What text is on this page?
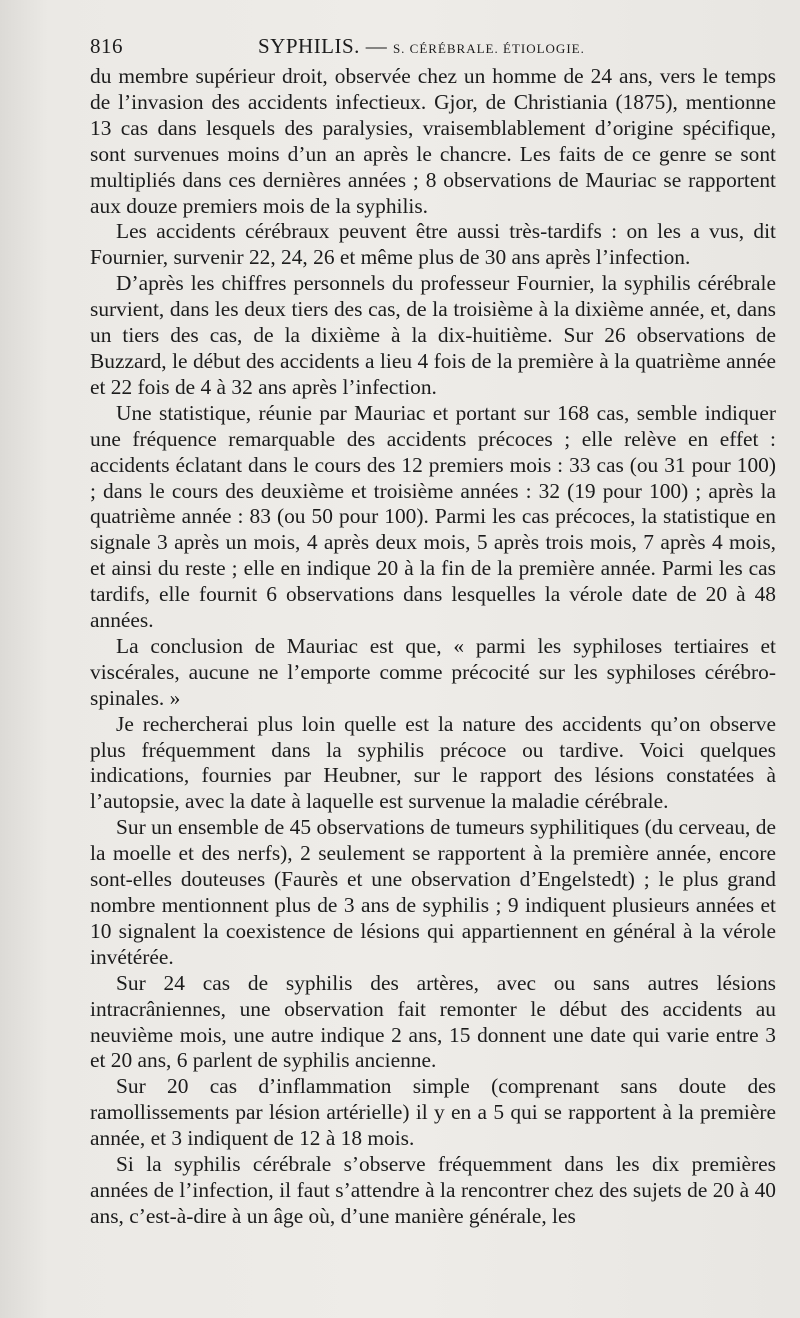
816	SYPHILIS. — S. CÉRÉBRALE. ÉTIOLOGIE.

du membre supérieur droit, observée chez un homme de 24 ans, vers le temps de l’invasion des accidents infectieux. Gjor, de Christiania (1875), mentionne 13 cas dans lesquels des paralysies, vraisemblablement d’origine spécifique, sont survenues moins d’un an après le chancre. Les faits de ce genre se sont multipliés dans ces dernières années ; 8 observations de Mauriac se rapportent aux douze premiers mois de la syphilis.

Les accidents cérébraux peuvent être aussi très-tardifs : on les a vus, dit Fournier, survenir 22, 24, 26 et même plus de 30 ans après l’infection.

D’après les chiffres personnels du professeur Fournier, la syphilis cérébrale survient, dans les deux tiers des cas, de la troisième à la dixième année, et, dans un tiers des cas, de la dixième à la dix-huitième. Sur 26 observations de Buzzard, le début des accidents a lieu 4 fois de la première à la quatrième année et 22 fois de 4 à 32 ans après l’infection.

Une statistique, réunie par Mauriac et portant sur 168 cas, semble indiquer une fréquence remarquable des accidents précoces ; elle relève en effet : accidents éclatant dans le cours des 12 premiers mois : 33 cas (ou 31 pour 100) ; dans le cours des deuxième et troisième années : 32 (19 pour 100) ; après la quatrième année : 83 (ou 50 pour 100). Parmi les cas précoces, la statistique en signale 3 après un mois, 4 après deux mois, 5 après trois mois, 7 après 4 mois, et ainsi du reste ; elle en indique 20 à la fin de la première année. Parmi les cas tardifs, elle fournit 6 observations dans lesquelles la vérole date de 20 à 48 années.

La conclusion de Mauriac est que, « parmi les syphiloses tertiaires et viscérales, aucune ne l’emporte comme précocité sur les syphiloses cérébro-spinales. »

Je rechercherai plus loin quelle est la nature des accidents qu’on observe plus fréquemment dans la syphilis précoce ou tardive. Voici quelques indications, fournies par Heubner, sur le rapport des lésions constatées à l’autopsie, avec la date à laquelle est survenue la maladie cérébrale.

Sur un ensemble de 45 observations de tumeurs syphilitiques (du cerveau, de la moelle et des nerfs), 2 seulement se rapportent à la première année, encore sont-elles douteuses (Faurès et une observation d’Engelstedt) ; le plus grand nombre mentionnent plus de 3 ans de syphilis ; 9 indiquent plusieurs années et 10 signalent la coexistence de lésions qui appartiennent en général à la vérole invétérée.

Sur 24 cas de syphilis des artères, avec ou sans autres lésions intracrâniennes, une observation fait remonter le début des accidents au neuvième mois, une autre indique 2 ans, 15 donnent une date qui varie entre 3 et 20 ans, 6 parlent de syphilis ancienne.

Sur 20 cas d’inflammation simple (comprenant sans doute des ramollissements par lésion artérielle) il y en a 5 qui se rapportent à la première année, et 3 indiquent de 12 à 18 mois.

Si la syphilis cérébrale s’observe fréquemment dans les dix premières années de l’infection, il faut s’attendre à la rencontrer chez des sujets de 20 à 40 ans, c’est-à-dire à un âge où, d’une manière générale, les
